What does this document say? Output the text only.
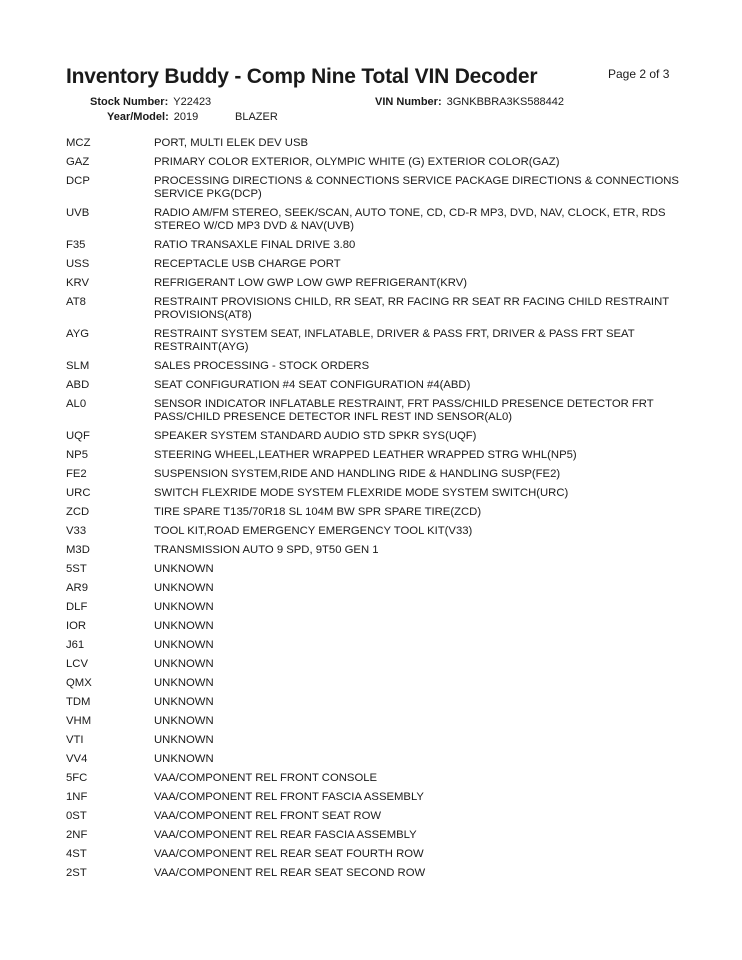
Inventory Buddy - Comp Nine Total VIN Decoder	Page 2 of 3
Stock Number: Y22423	VIN Number: 3GNKBBRA3KS588442
Year/Model: 2019	BLAZER
MCZ	PORT, MULTI ELEK DEV USB
GAZ	PRIMARY COLOR EXTERIOR, OLYMPIC WHITE (G) EXTERIOR COLOR(GAZ)
DCP	PROCESSING DIRECTIONS & CONNECTIONS SERVICE PACKAGE DIRECTIONS & CONNECTIONS SERVICE PKG(DCP)
UVB	RADIO AM/FM STEREO, SEEK/SCAN, AUTO TONE, CD, CD-R MP3, DVD, NAV, CLOCK, ETR, RDS STEREO W/CD MP3 DVD & NAV(UVB)
F35	RATIO TRANSAXLE FINAL DRIVE 3.80
USS	RECEPTACLE USB CHARGE PORT
KRV	REFRIGERANT LOW GWP LOW GWP REFRIGERANT(KRV)
AT8	RESTRAINT PROVISIONS CHILD, RR SEAT, RR FACING RR SEAT RR FACING CHILD RESTRAINT PROVISIONS(AT8)
AYG	RESTRAINT SYSTEM SEAT, INFLATABLE, DRIVER & PASS FRT, DRIVER & PASS FRT SEAT RESTRAINT(AYG)
SLM	SALES PROCESSING - STOCK ORDERS
ABD	SEAT CONFIGURATION #4 SEAT CONFIGURATION #4(ABD)
AL0	SENSOR INDICATOR INFLATABLE RESTRAINT, FRT PASS/CHILD PRESENCE DETECTOR FRT PASS/CHILD PRESENCE DETECTOR INFL REST IND SENSOR(AL0)
UQF	SPEAKER SYSTEM STANDARD AUDIO STD SPKR SYS(UQF)
NP5	STEERING WHEEL,LEATHER WRAPPED LEATHER WRAPPED STRG WHL(NP5)
FE2	SUSPENSION SYSTEM,RIDE AND HANDLING RIDE & HANDLING SUSP(FE2)
URC	SWITCH FLEXRIDE MODE SYSTEM FLEXRIDE MODE SYSTEM SWITCH(URC)
ZCD	TIRE SPARE T135/70R18 SL 104M BW SPR SPARE TIRE(ZCD)
V33	TOOL KIT,ROAD EMERGENCY EMERGENCY TOOL KIT(V33)
M3D	TRANSMISSION AUTO 9 SPD, 9T50 GEN 1
5ST	UNKNOWN
AR9	UNKNOWN
DLF	UNKNOWN
IOR	UNKNOWN
J61	UNKNOWN
LCV	UNKNOWN
QMX	UNKNOWN
TDM	UNKNOWN
VHM	UNKNOWN
VTI	UNKNOWN
VV4	UNKNOWN
5FC	VAA/COMPONENT REL FRONT CONSOLE
1NF	VAA/COMPONENT REL FRONT FASCIA ASSEMBLY
0ST	VAA/COMPONENT REL FRONT SEAT ROW
2NF	VAA/COMPONENT REL REAR FASCIA ASSEMBLY
4ST	VAA/COMPONENT REL REAR SEAT FOURTH ROW
2ST	VAA/COMPONENT REL REAR SEAT SECOND ROW
